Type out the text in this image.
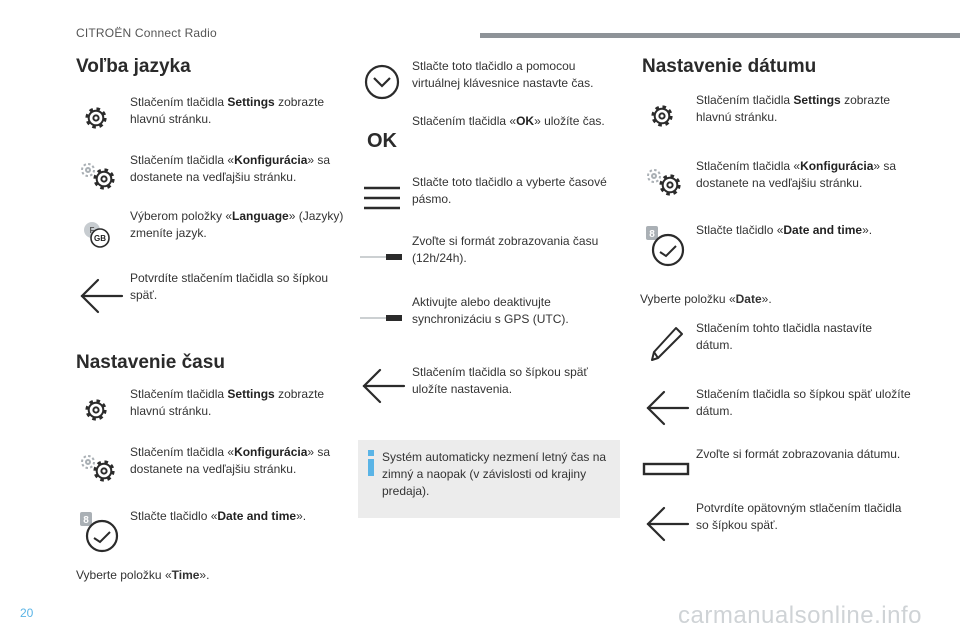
CITROËN Connect Radio
Voľba jazyka
Stlačením tlačidla Settings zobrazte hlavnú stránku.
Stlačením tlačidla «Konfigurácia» sa dostanete na vedľajšiu stránku.
F
GB
Výberom položky «Language» (Jazyky) zmeníte jazyk.
Potvrdíte stlačením tlačidla so šípkou späť.
Nastavenie času
Stlačením tlačidla Settings zobrazte hlavnú stránku.
Stlačením tlačidla «Konfigurácia» sa dostanete na vedľajšiu stránku.
8	Stlačte tlačidlo «Date and time».
Vyberte položku «Time».
Stlačte toto tlačidlo a pomocou virtuálnej klávesnice nastavte čas.
OK
Stlačením tlačidla «OK» uložíte čas.
Stlačte toto tlačidlo a vyberte časové pásmo.
Zvoľte si formát zobrazovania času (12h/24h).
Aktivujte alebo deaktivujte synchronizáciu s GPS (UTC).
Stlačením tlačidla so šípkou späť uložíte nastavenia.
Systém automaticky nezmení letný čas na zimný a naopak (v závislosti od krajiny predaja).
Nastavenie dátumu
Stlačením tlačidla Settings zobrazte hlavnú stránku.
Stlačením tlačidla «Konfigurácia» sa dostanete na vedľajšiu stránku.
8	Stlačte tlačidlo «Date and time».
Vyberte položku «Date».
Stlačením tohto tlačidla nastavíte dátum.
Stlačením tlačidla so šípkou späť uložíte dátum.
Zvoľte si formát zobrazovania dátumu.
Potvrdíte opätovným stlačením tlačidla so šípkou späť.
20	carmanualsonline.info
